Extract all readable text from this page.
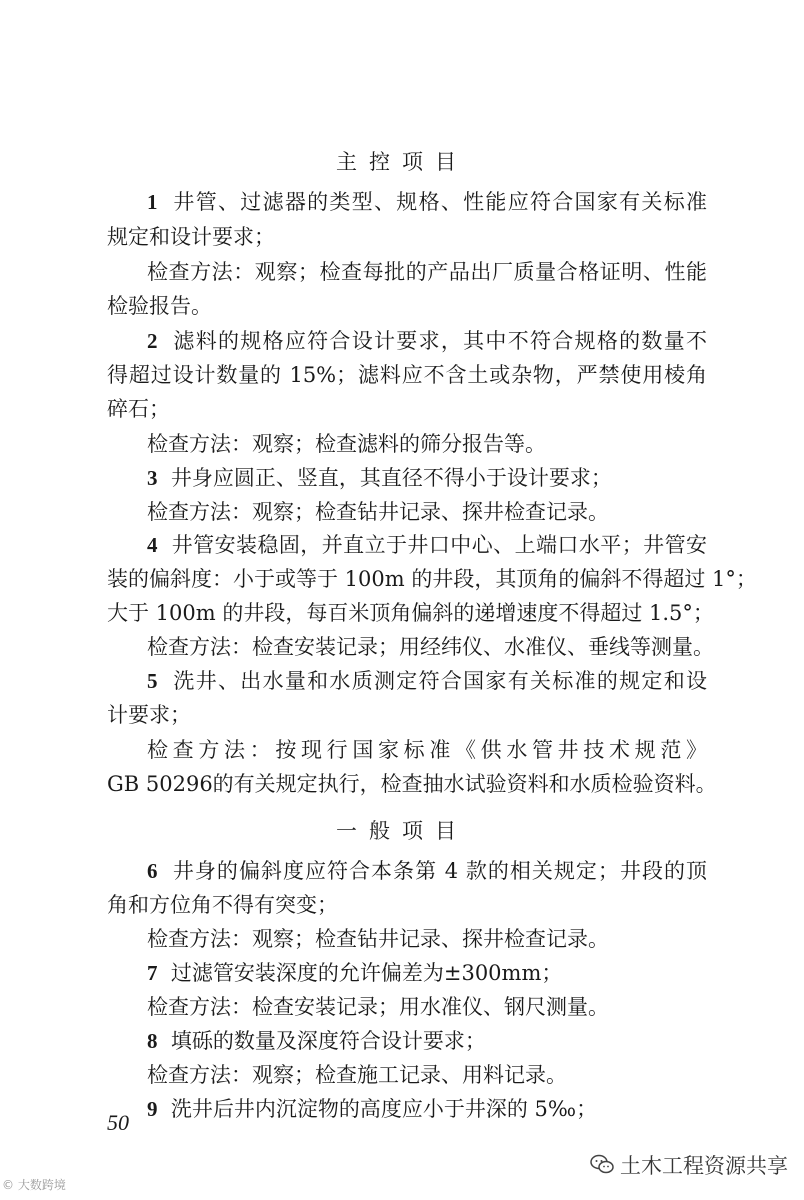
主控项目
1 井管、过滤器的类型、规格、性能应符合国家有关标准
规定和设计要求；
检查方法：观察；检查每批的产品出厂质量合格证明、性能
检验报告。
2 滤料的规格应符合设计要求，其中不符合规格的数量不
得超过设计数量的 15%；滤料应不含土或杂物，严禁使用棱角
碎石；
检查方法：观察；检查滤料的筛分报告等。
3 井身应圆正、竖直，其直径不得小于设计要求；
检查方法：观察；检查钻井记录、探井检查记录。
4 井管安装稳固，并直立于井口中心、上端口水平；井管安
装的偏斜度：小于或等于 100m 的井段，其顶角的偏斜不得超过 1°；
大于 100m 的井段，每百米顶角偏斜的递增速度不得超过 1.5°；
检查方法：检查安装记录；用经纬仪、水准仪、垂线等测量。
5 洗井、出水量和水质测定符合国家有关标准的规定和设
计要求；
检查方法：按现行国家标准《供水管井技术规范》
GB 50296的有关规定执行，检查抽水试验资料和水质检验资料。
一般项目
6 井身的偏斜度应符合本条第 4 款的相关规定；井段的顶
角和方位角不得有突变；
检查方法：观察；检查钻井记录、探井检查记录。
7 过滤管安装深度的允许偏差为±300mm；
检查方法：检查安装记录；用水准仪、钢尺测量。
8 填砾的数量及深度符合设计要求；
检查方法：观察；检查施工记录、用料记录。
9 洗井后井内沉淀物的高度应小于井深的 5‰；
50
© 大数跨境
土木工程资源共享
